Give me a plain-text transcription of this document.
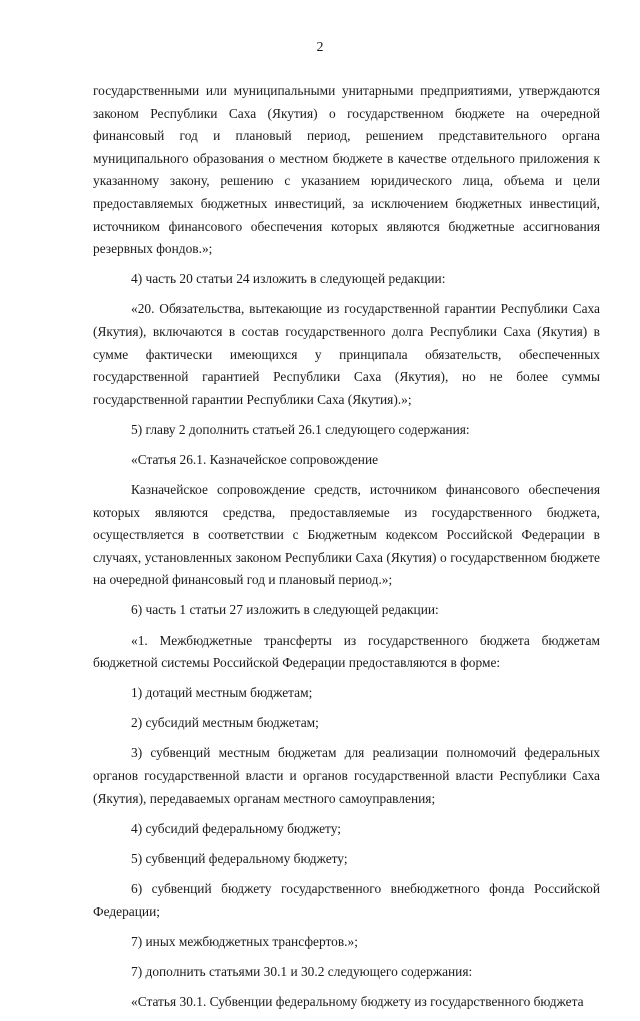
2

государственными или муниципальными унитарными предприятиями, утверждаются законом Республики Саха (Якутия) о государственном бюджете на очередной финансовый год и плановый период, решением представительного органа муниципального образования о местном бюджете в качестве отдельного приложения к указанному закону, решению с указанием юридического лица, объема и цели предоставляемых бюджетных инвестиций, за исключением бюджетных инвестиций, источником финансового обеспечения которых являются бюджетные ассигнования резервных фондов.»;

4) часть 20 статьи 24 изложить в следующей редакции:

«20. Обязательства, вытекающие из государственной гарантии Республики Саха (Якутия), включаются в состав государственного долга Республики Саха (Якутия) в сумме фактически имеющихся у принципала обязательств, обеспеченных государственной гарантией Республики Саха (Якутия), но не более суммы государственной гарантии Республики Саха (Якутия).»;

5) главу 2 дополнить статьей 26.1 следующего содержания:

«Статья 26.1. Казначейское сопровождение

Казначейское сопровождение средств, источником финансового обеспечения которых являются средства, предоставляемые из государственного бюджета, осуществляется в соответствии с Бюджетным кодексом Российской Федерации в случаях, установленных законом Республики Саха (Якутия) о государственном бюджете на очередной финансовый год и плановый период.»;

6) часть 1 статьи 27 изложить в следующей редакции:

«1. Межбюджетные трансферты из государственного бюджета бюджетам бюджетной системы Российской Федерации предоставляются в форме:

1) дотаций местным бюджетам;

2) субсидий местным бюджетам;

3) субвенций местным бюджетам для реализации полномочий федеральных органов государственной власти и органов государственной власти Республики Саха (Якутия), передаваемых органам местного самоуправления;

4) субсидий федеральному бюджету;

5) субвенций федеральному бюджету;

6) субвенций бюджету государственного внебюджетного фонда Российской Федерации;

7) иных межбюджетных трансфертов.»;

7) дополнить статьями 30.1 и 30.2 следующего содержания:

«Статья 30.1. Субвенции федеральному бюджету из государственного бюджета
